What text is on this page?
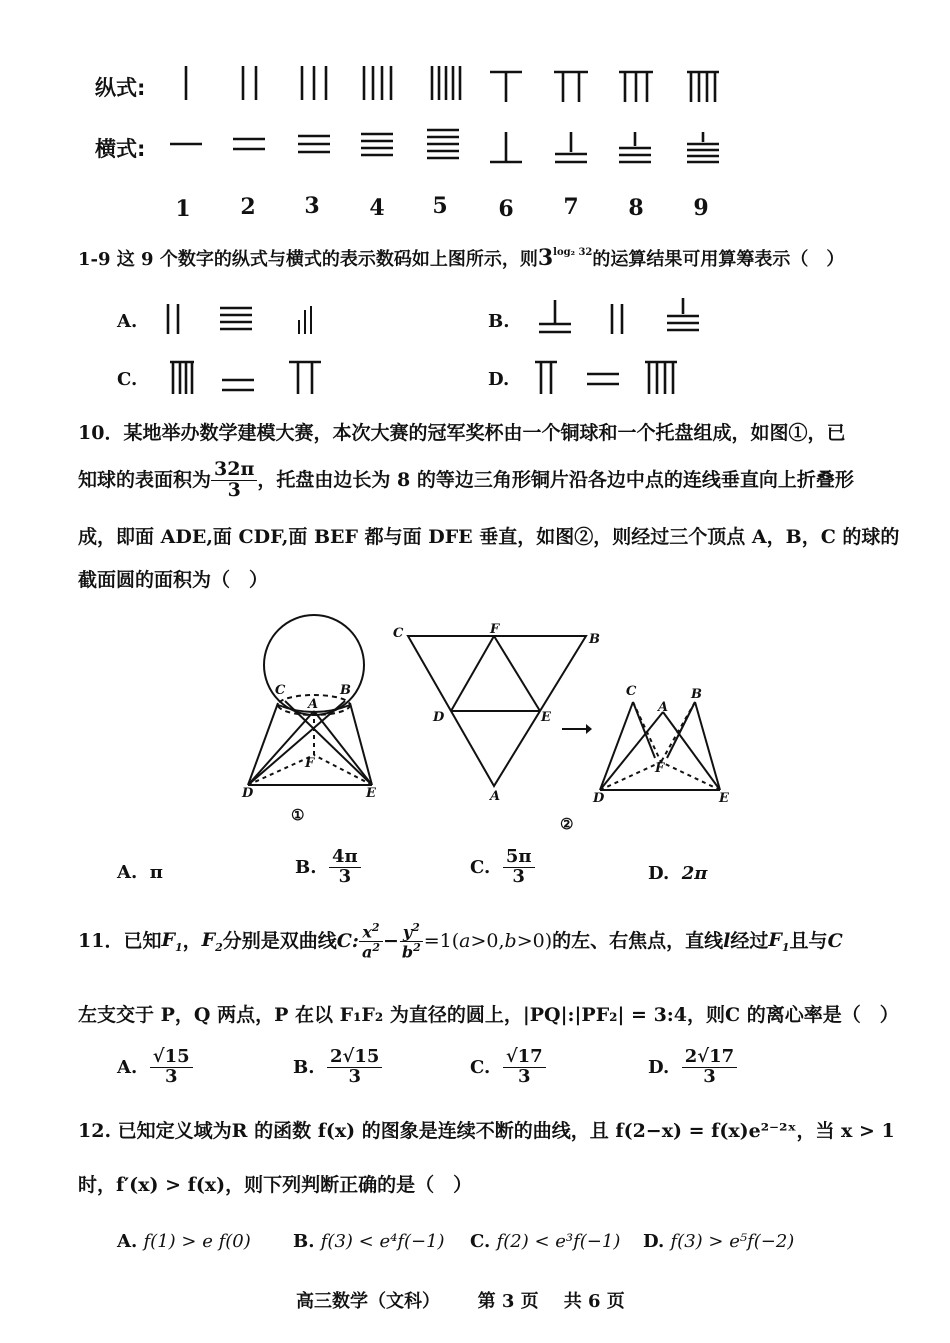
纵式:
横式:
1	2	3	4	5	6	7	8	9
1-9 这 9 个数字的纵式与横式的表示数码如上图所示，则$3^{log_2 32}$的运算结果可用算筹表示（　）
A.	B.
C.	D.
10．某地举办数学建模大赛，本次大赛的冠军奖杯由一个铜球和一个托盘组成，如图①，已
知球的表面积为 $\frac{32\pi}{3}$ ，托盘由边长为 8 的等边三角形铜片沿各边中点的连线垂直向上折叠形
成，即面 ADE,面 CDF,面 BEF 都与面 DFE 垂直，如图②，则经过三个顶点 A，B，C 的球的
截面圆的面积为（　）
C	B
A
F
D	E
①
C	F
B
D	E
A
②
C	B
A
F
D	E
A. π	B. $\frac{4\pi}{3}$	C. $\frac{5\pi}{3}$	D. 2π
11．已知$F_1$，$F_2$分别是双曲线C: $\frac{x^2}{a^2} - \frac{y^2}{b^2} =1(a>0,b>0)$的左、右焦点，直线l经过$F_1$且与C
左支交于 P，Q 两点，P 在以 F₁F₂ 为直径的圆上，|PQ|:|PF₂| = 3:4，则C 的离心率是（　）
A. $\frac{√15}{3}$	B. $\frac{2√15}{3}$	C. $\frac{√17}{3}$	D. $\frac{2√17}{3}$
12. 已知定义域为R 的函数 f(x) 的图象是连续不断的曲线，且 f(2−x) = f(x)e²⁻²ˣ，当 x > 1
时，f′(x) > f(x)，则下列判断正确的是（　）
A. f(1) > e f(0) B. f(3) < e⁴f(−1) C. f(2) < e³f(−1) D. f(3) > e⁵f(−2)
高三数学（文科） 第 3 页 共 6 页
